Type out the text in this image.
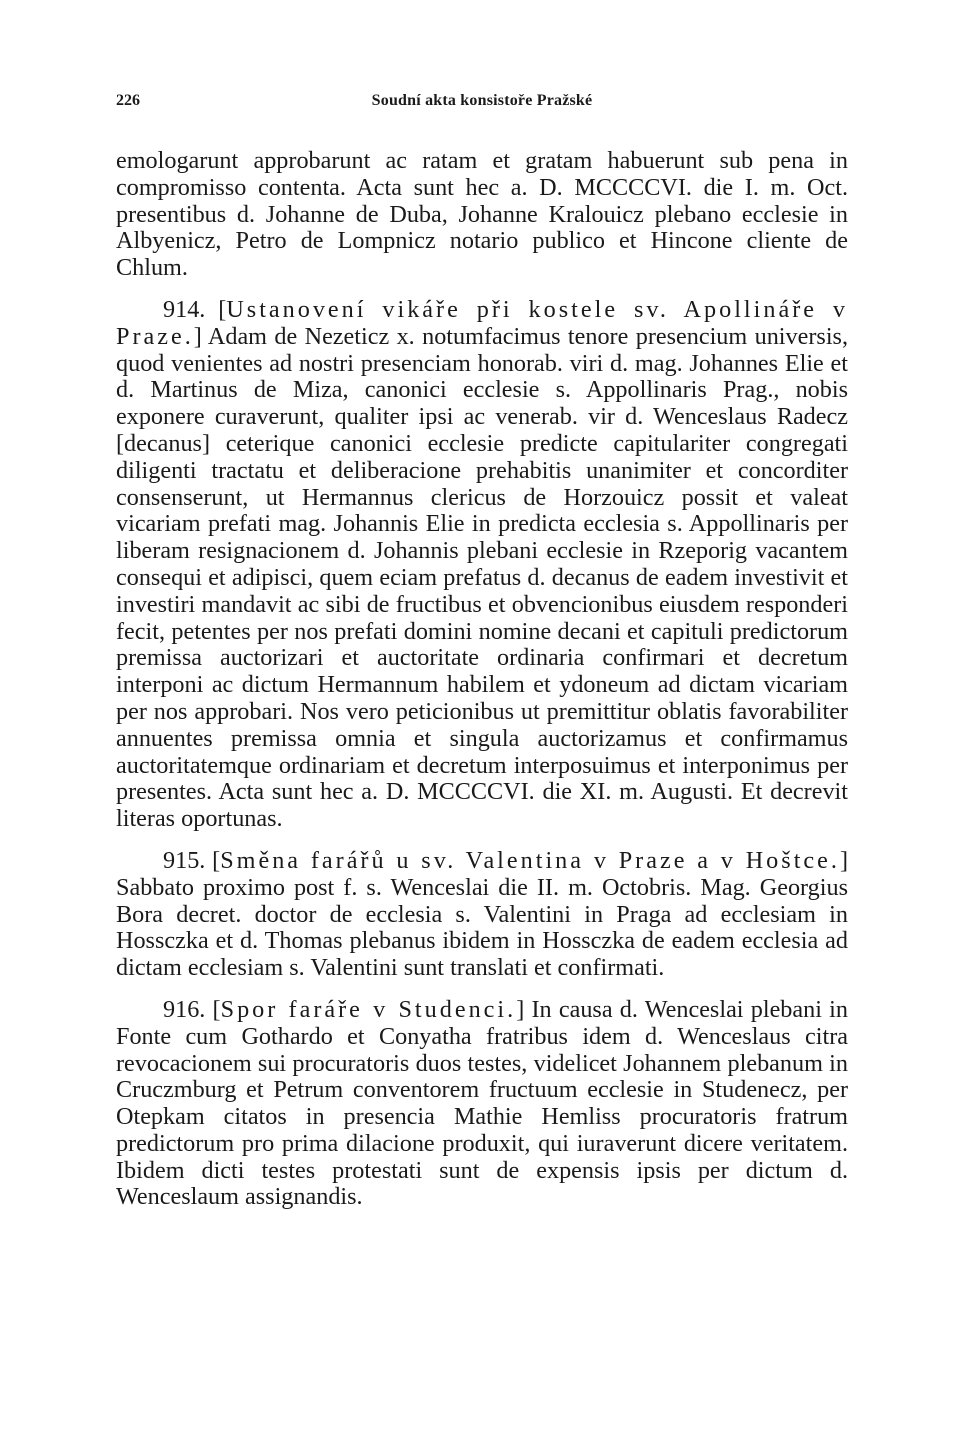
226	Soudní akta konsistoře Pražské

emologarunt approbarunt ac ratam et gratam habuerunt sub pena in compromisso contenta. Acta sunt hec a. D. MCCCCVI. die I. m. Oct. presentibus d. Johanne de Duba, Johanne Kralouicz plebano ecclesie in Albyenicz, Petro de Lompnicz notario publico et Hincone cliente de Chlum.

914. [Ustanovení vikáře při kostele sv. Apollináře v Praze.] Adam de Nezeticz x. notumfacimus tenore presencium universis, quod venientes ad nostri presenciam honorab. viri d. mag. Johannes Elie et d. Martinus de Miza, canonici ecclesie s. Appollinaris Prag., nobis exponere curaverunt, qualiter ipsi ac venerab. vir d. Wenceslaus Radecz [decanus] ceterique canonici ecclesie predicte capitulariter congregati diligenti tractatu et deliberacione prehabitis unanimiter et concorditer consenserunt, ut Hermannus clericus de Horzouicz possit et valeat vicariam prefati mag. Johannis Elie in predicta ecclesia s. Appollinaris per liberam resignacionem d. Johannis plebani ecclesie in Rzeporig vacantem consequi et adipisci, quem eciam prefatus d. decanus de eadem investivit et investiri mandavit ac sibi de fructibus et obvencionibus eiusdem responderi fecit, petentes per nos prefati domini nomine decani et capituli predictorum premissa auctorizari et auctoritate ordinaria confirmari et decretum interponi ac dictum Hermannum habilem et ydoneum ad dictam vicariam per nos approbari. Nos vero peticionibus ut premittitur oblatis favorabiliter annuentes premissa omnia et singula auctorizamus et confirmamus auctoritatemque ordinariam et decretum interposuimus et interponimus per presentes. Acta sunt hec a. D. MCCCCVI. die XI. m. Augusti. Et decrevit literas oportunas.

915. [Směna farářů u sv. Valentina v Praze a v Hoštce.] Sabbato proximo post f. s. Wenceslai die II. m. Octobris. Mag. Georgius Bora decret. doctor de ecclesia s. Valentini in Praga ad ecclesiam in Hossczka et d. Thomas plebanus ibidem in Hossczka de eadem ecclesia ad dictam ecclesiam s. Valentini sunt translati et confirmati.

916. [Spor faráře v Studenci.] In causa d. Wenceslai plebani in Fonte cum Gothardo et Conyatha fratribus idem d. Wenceslaus citra revocacionem sui procuratoris duos testes, videlicet Johannem plebanum in Cruczmburg et Petrum conventorem fructuum ecclesie in Studenecz, per Otepkam citatos in presencia Mathie Hemliss procuratoris fratrum predictorum pro prima dilacione produxit, qui iuraverunt dicere veritatem. Ibidem dicti testes protestati sunt de expensis ipsis per dictum d. Wenceslaum assignandis.
